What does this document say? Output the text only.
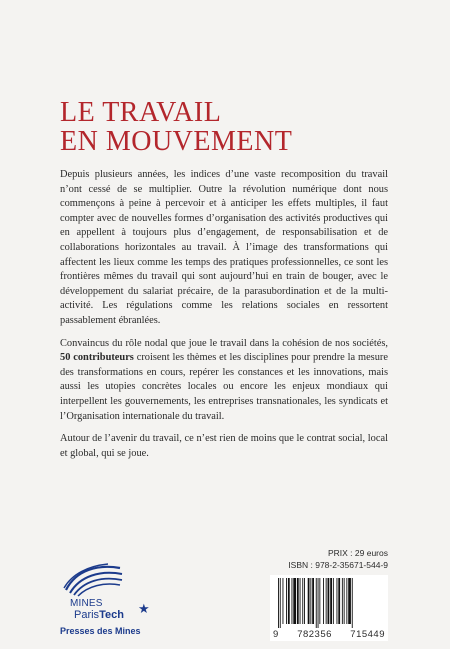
LE TRAVAIL
EN MOUVEMENT

Depuis plusieurs années, les indices d’une vaste recomposition du travail n’ont cessé de se multiplier. Outre la révolution numérique dont nous commençons à peine à percevoir et à anticiper les effets multiples, il faut compter avec de nouvelles formes d’organisation des activités productives qui en appellent à toujours plus d’engagement, de responsabilisation et de collaborations horizontales au travail. À l’image des transformations qui affectent les lieux comme les temps des pratiques professionnelles, ce sont les frontières mêmes du travail qui sont aujourd’hui en train de bouger, avec le développement du salariat précaire, de la parasubordination et de la multi-activité. Les régulations comme les relations sociales en ressortent passablement ébranlées.

Convaincus du rôle nodal que joue le travail dans la cohésion de nos sociétés, 50 contributeurs croisent les thèmes et les disciplines pour prendre la mesure des transformations en cours, repérer les constances et les innovations, mais aussi les utopies concrètes locales ou encore les enjeux mondiaux qui interpellent les gouvernements, les entreprises transnationales, les syndicats et l’Organisation internationale du travail.

Autour de l’avenir du travail, ce n’est rien de moins que le contrat social, local et global, qui se joue.

MINES
ParisTech ★
Presses des Mines
PRIX : 29 euros
ISBN : 978-2-35671-544-9
9 782356 715449
